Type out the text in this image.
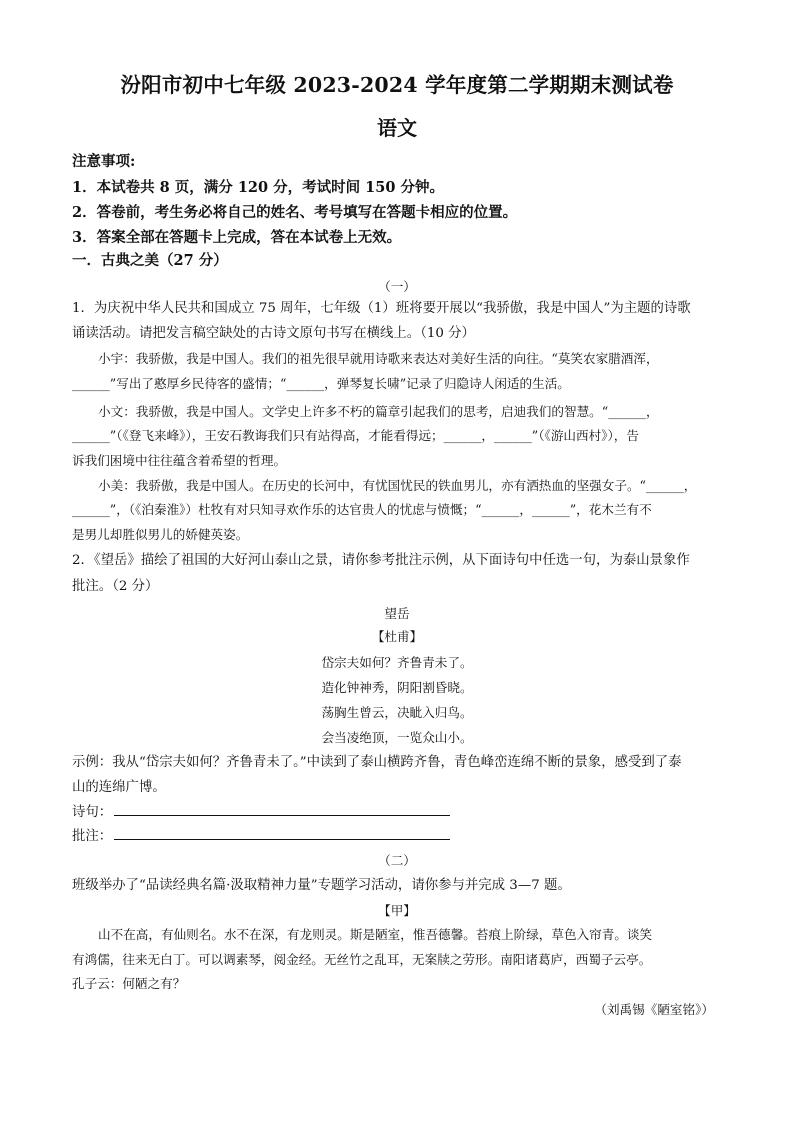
汾阳市初中七年级 2023-2024 学年度第二学期期末测试卷
语文
注意事项:
1．本试卷共 8 页，满分 120 分，考试时间 150 分钟。
2．答卷前，考生务必将自己的姓名、考号填写在答题卡相应的位置。
3．答案全部在答题卡上完成，答在本试卷上无效。
一．古典之美（27 分）
（一）
1．为庆祝中华人民共和国成立 75 周年，七年级（1）班将要开展以“我骄傲，我是中国人”为主题的诗歌
诵读活动。请把发言稿空缺处的古诗文原句书写在横线上。（10 分）
小宇：我骄傲，我是中国人。我们的祖先很早就用诗歌来表达对美好生活的向往。“莫笑农家腊酒浑，
______”写出了憨厚乡民待客的盛情；“______，弹琴复长啸”记录了归隐诗人闲适的生活。
小文：我骄傲，我是中国人。文学史上许多不朽的篇章引起我们的思考，启迪我们的智慧。“______，
______”（《登飞来峰》），王安石教诲我们只有站得高，才能看得远；______，______”（《游山西村》），告
诉我们困境中往往蕴含着希望的哲理。
小美：我骄傲，我是中国人。在历史的长河中，有忧国忧民的铁血男儿，亦有洒热血的坚强女子。“______，
______”，（《泊秦淮》）杜牧有对只知寻欢作乐的达官贵人的忧虑与愤慨；“______，______”，花木兰有不
是男儿却胜似男儿的娇健英姿。
2．《望岳》描绘了祖国的大好河山泰山之景，请你参考批注示例，从下面诗句中任选一句，为泰山景象作
批注。（2 分）
望岳
【杜甫】
岱宗夫如何？齐鲁青未了。
造化钟神秀，阴阳割昏晓。
荡胸生曾云，决眦入归鸟。
会当凌绝顶，一览众山小。
示例：我从“岱宗夫如何？齐鲁青未了。”中读到了泰山横跨齐鲁，青色峰峦连绵不断的景象，感受到了泰
山的连绵广博。
诗句：
批注：
（二）
班级举办了“品读经典名篇·汲取精神力量”专题学习活动，请你参与并完成 3—7 题。
【甲】
山不在高，有仙则名。水不在深，有龙则灵。斯是陋室，惟吾德馨。苔痕上阶绿，草色入帘青。谈笑
有鸿儒，往来无白丁。可以调素琴，阅金经。无丝竹之乱耳，无案牍之劳形。南阳诸葛庐，西蜀子云亭。
孔子云：何陋之有？
（刘禹锡《陋室铭》）
